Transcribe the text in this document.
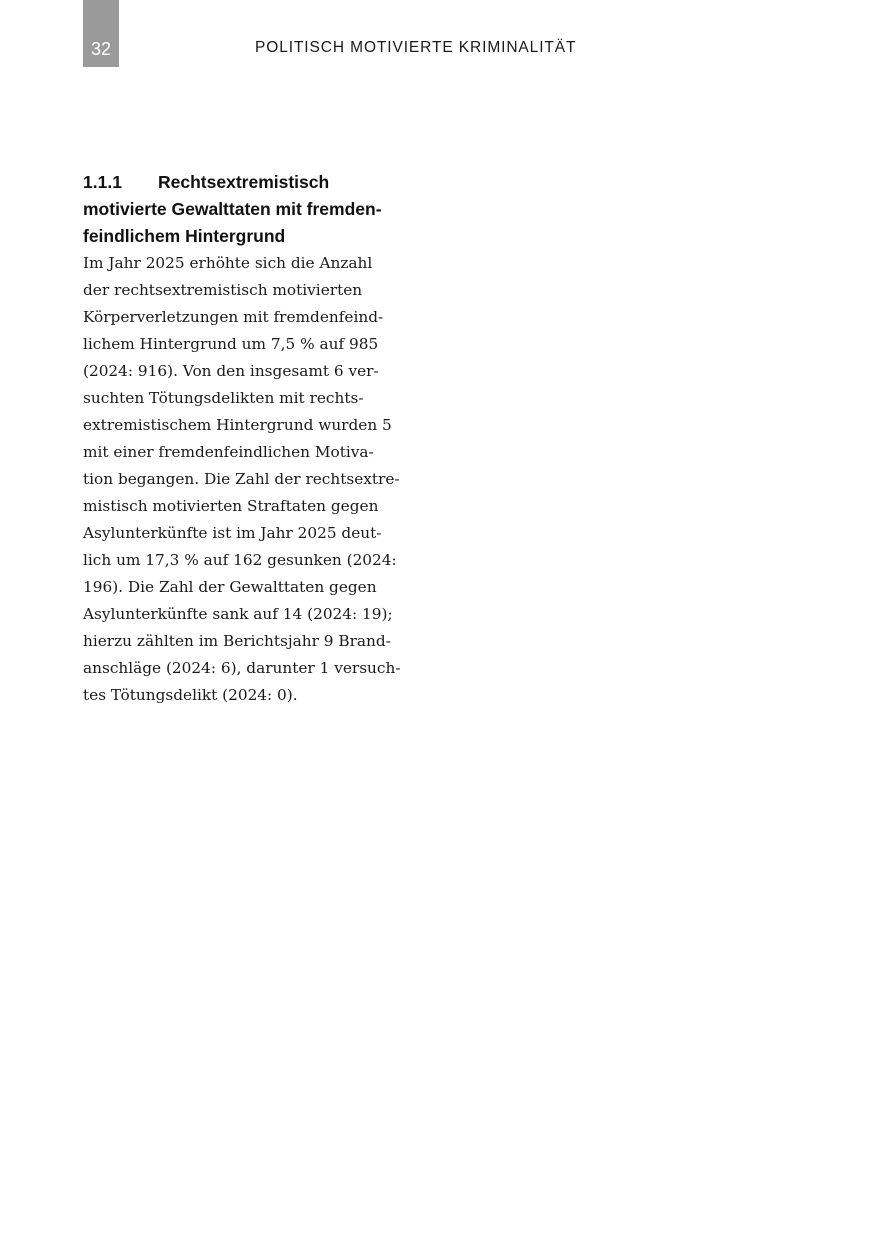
32	POLITISCH MOTIVIERTE KRIMINALITÄT
1.1.1 Rechtsextremistisch
motivierte Gewalttaten mit fremden-
feindlichem Hintergrund
Im Jahr 2025 erhöhte sich die Anzahl
der rechtsextremistisch motivierten
Körperverletzungen mit fremdenfeind-
lichem Hintergrund um 7,5 % auf 985
(2024: 916). Von den insgesamt 6 ver-
suchten Tötungsdelikten mit rechts-
extremistischem Hintergrund wurden 5
mit einer fremdenfeindlichen Motiva-
tion begangen. Die Zahl der rechtsextre-
mistisch motivierten Straftaten gegen
Asylunterkünfte ist im Jahr 2025 deut-
lich um 17,3 % auf 162 gesunken (2024:
196). Die Zahl der Gewalttaten gegen
Asylunterkünfte sank auf 14 (2024: 19);
hierzu zählten im Berichtsjahr 9 Brand-
anschläge (2024: 6), darunter 1 versuch-
tes Tötungsdelikt (2024: 0).
